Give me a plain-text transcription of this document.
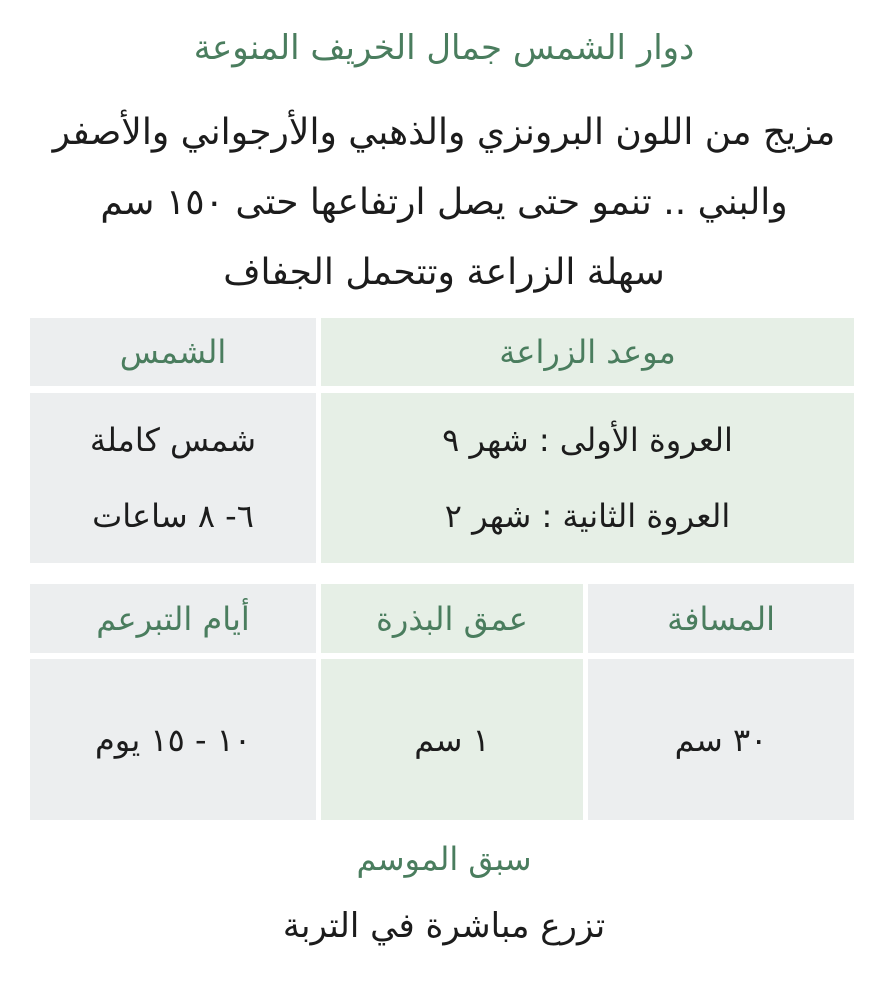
دوار الشمس جمال الخريف المنوعة
مزيج من اللون البرونزي والذهبي والأرجواني والأصفر
والبني .. تنمو حتى يصل ارتفاعها حتى ١٥٠ سم
سهلة الزراعة وتتحمل الجفاف
موعد الزراعة
الشمس
العروة الأولى : شهر ٩
العروة الثانية : شهر ٢
شمس كاملة
٦- ٨ ساعات
المسافة
عمق البذرة
أيام التبرعم
٣٠ سم
١ سم
١٠ - ١٥ يوم
سبق الموسم
تزرع مباشرة في التربة
